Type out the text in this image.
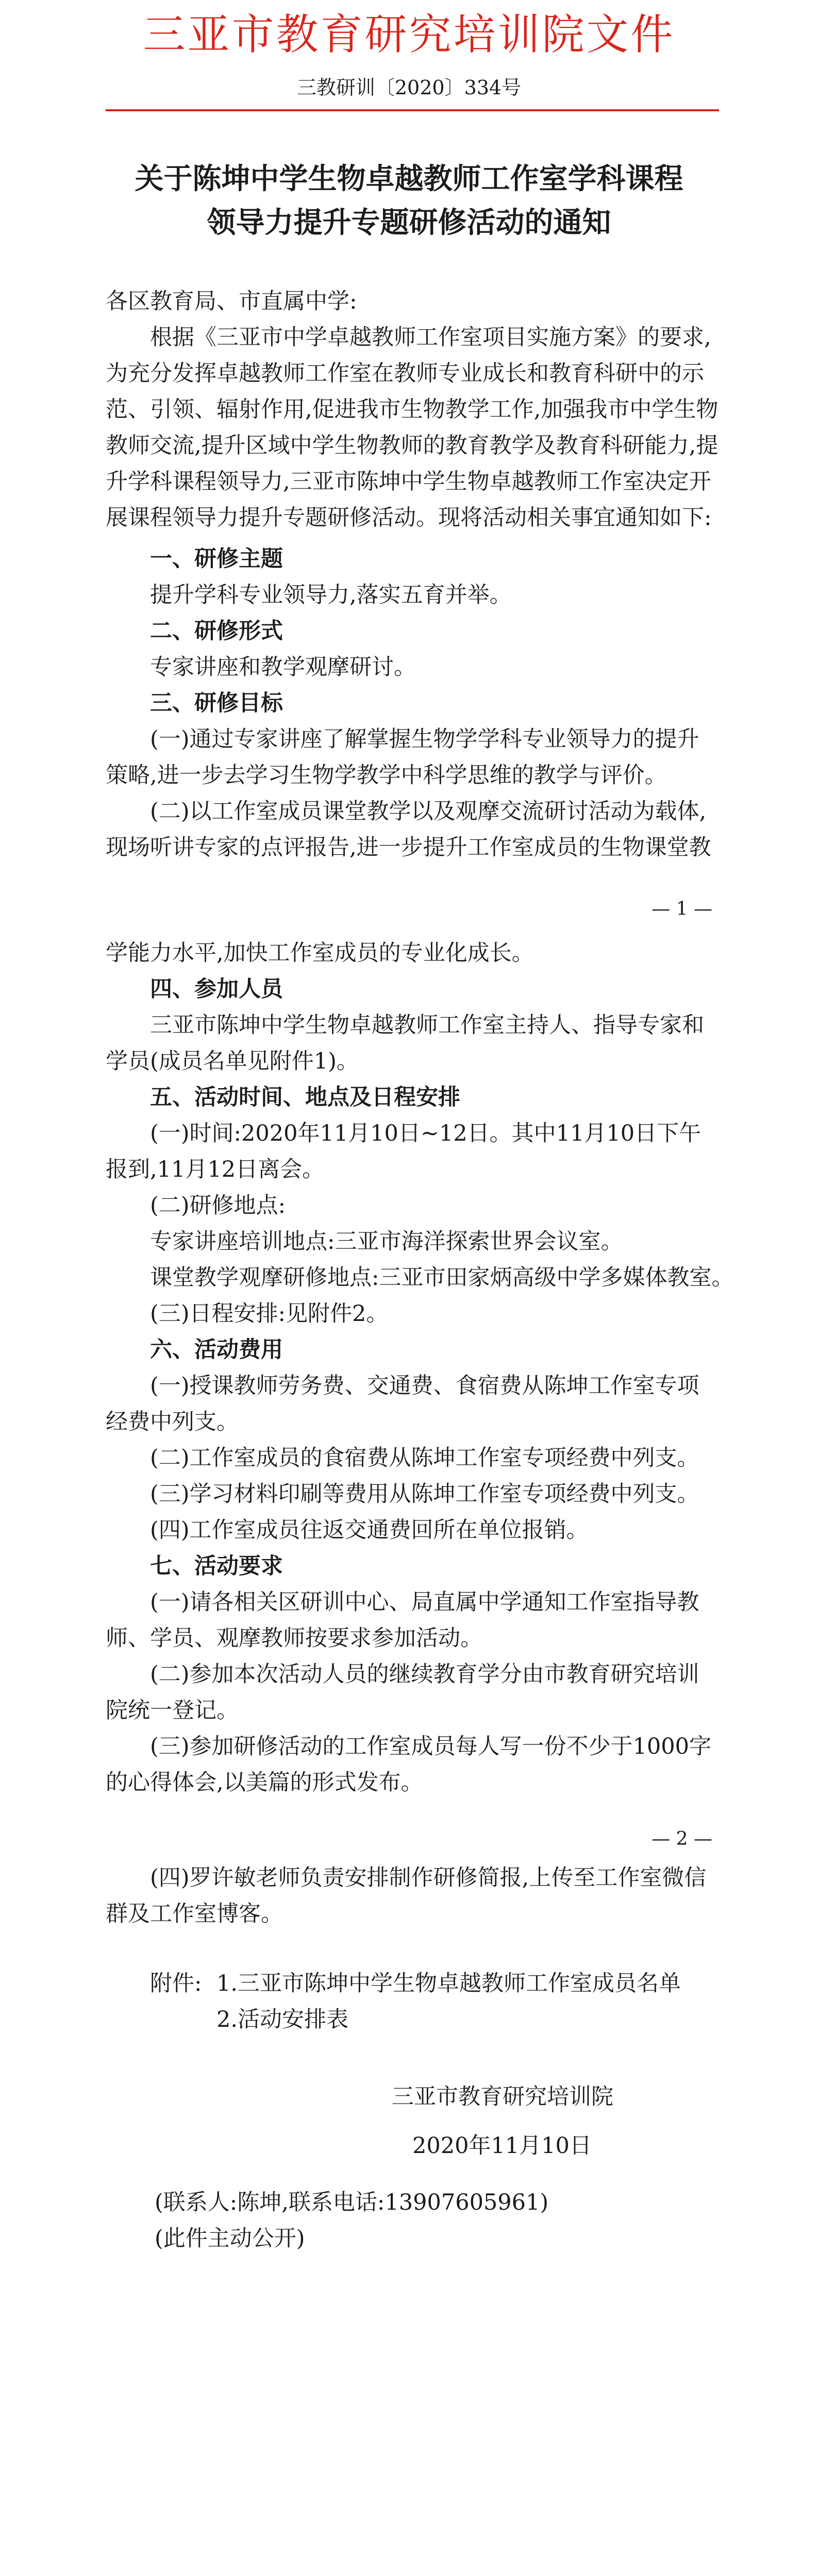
三亚市教育研究培训院文件
三教研训〔2020〕334号
关于陈坤中学生物卓越教师工作室学科课程
领导力提升专题研修活动的通知

各区教育局、市直属中学:

根据《三亚市中学卓越教师工作室项目实施方案》的要求,为充分发挥卓越教师工作室在教师专业成长和教育科研中的示范、引领、辐射作用,促进我市生物教学工作,加强我市中学生物教师交流,提升区域中学生物教师的教育教学及教育科研能力,提升学科课程领导力,三亚市陈坤中学生物卓越教师工作室决定开展课程领导力提升专题研修活动。现将活动相关事宜通知如下:

一、研修主题

提升学科专业领导力,落实五育并举。

二、研修形式

专家讲座和教学观摩研讨。

三、研修目标

(一)通过专家讲座了解掌握生物学学科专业领导力的提升策略,进一步去学习生物学教学中科学思维的教学与评价。

(二)以工作室成员课堂教学以及观摩交流研讨活动为载体,现场听讲专家的点评报告,进一步提升工作室成员的生物课堂教

— 1 —

学能力水平,加快工作室成员的专业化成长。

四、参加人员

三亚市陈坤中学生物卓越教师工作室主持人、指导专家和学员(成员名单见附件1)。

五、活动时间、地点及日程安排

(一)时间:2020年11月10日~12日。其中11月10日下午报到,11月12日离会。

(二)研修地点:

专家讲座培训地点:三亚市海洋探索世界会议室。

课堂教学观摩研修地点:三亚市田家炳高级中学多媒体教室。

(三)日程安排:见附件2。

六、活动费用

(一)授课教师劳务费、交通费、食宿费从陈坤工作室专项经费中列支。

(二)工作室成员的食宿费从陈坤工作室专项经费中列支。

(三)学习材料印刷等费用从陈坤工作室专项经费中列支。

(四)工作室成员往返交通费回所在单位报销。

七、活动要求

(一)请各相关区研训中心、局直属中学通知工作室指导教师、学员、观摩教师按要求参加活动。

(二)参加本次活动人员的继续教育学分由市教育研究培训院统一登记。

(三)参加研修活动的工作室成员每人写一份不少于1000字的心得体会,以美篇的形式发布。

— 2 —

(四)罗许敏老师负责安排制作研修简报,上传至工作室微信群及工作室博客。

附件: 1.三亚市陈坤中学生物卓越教师工作室成员名单

2.活动安排表

三亚市教育研究培训院

2020年11月10日

(联系人:陈坤,联系电话:13907605961)

(此件主动公开)
